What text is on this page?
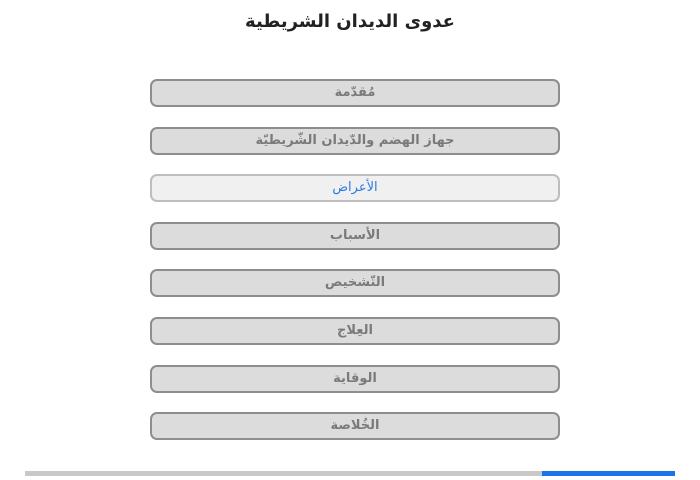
عدوى الديدان الشريطية
مُقدّمة
جهاز الهضم والدّيدان الشّريطيّة
الأعراض
الأسباب
التّشخيص
العِلاج
الوقاية
الخُلاصة
